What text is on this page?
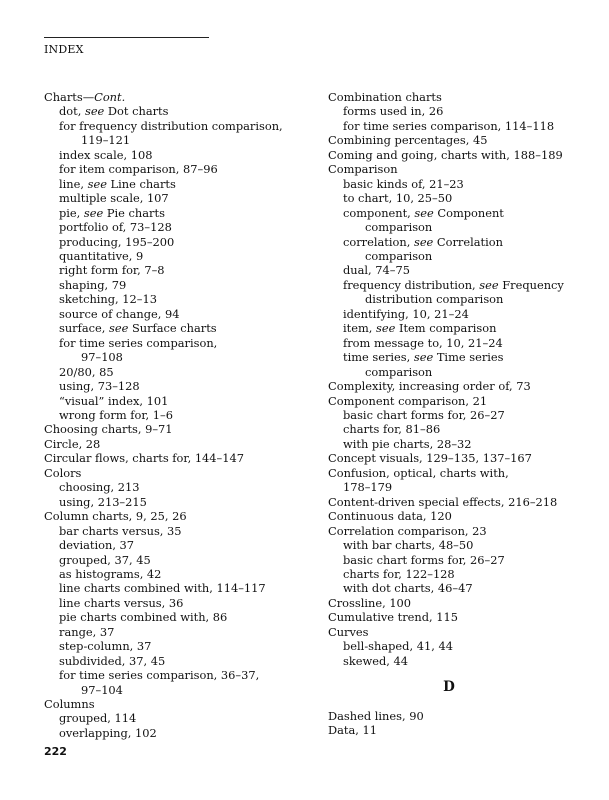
INDEX
Charts—Cont.
dot, see Dot charts
for frequency distribution comparison,
119–121
index scale, 108
for item comparison, 87–96
line, see Line charts
multiple scale, 107
pie, see Pie charts
portfolio of, 73–128
producing, 195–200
quantitative, 9
right form for, 7–8
shaping, 79
sketching, 12–13
source of change, 94
surface, see Surface charts
for time series comparison,
97–108
20/80, 85
using, 73–128
“visual” index, 101
wrong form for, 1–6
Choosing charts, 9–71
Circle, 28
Circular flows, charts for, 144–147
Colors
choosing, 213
using, 213–215
Column charts, 9, 25, 26
bar charts versus, 35
deviation, 37
grouped, 37, 45
as histograms, 42
line charts combined with, 114–117
line charts versus, 36
pie charts combined with, 86
range, 37
step-column, 37
subdivided, 37, 45
for time series comparison, 36–37,
97–104
Columns
grouped, 114
overlapping, 102
Combination charts
forms used in, 26
for time series comparison, 114–118
Combining percentages, 45
Coming and going, charts with, 188–189
Comparison
basic kinds of, 21–23
to chart, 10, 25–50
component, see Component
comparison
correlation, see Correlation
comparison
dual, 74–75
frequency distribution, see Frequency
distribution comparison
identifying, 10, 21–24
item, see Item comparison
from message to, 10, 21–24
time series, see Time series
comparison
Complexity, increasing order of, 73
Component comparison, 21
basic chart forms for, 26–27
charts for, 81–86
with pie charts, 28–32
Concept visuals, 129–135, 137–167
Confusion, optical, charts with,
178–179
Content-driven special effects, 216–218
Continuous data, 120
Correlation comparison, 23
with bar charts, 48–50
basic chart forms for, 26–27
charts for, 122–128
with dot charts, 46–47
Crossline, 100
Cumulative trend, 115
Curves
bell-shaped, 41, 44
skewed, 44
D
Dashed lines, 90
Data, 11
222
